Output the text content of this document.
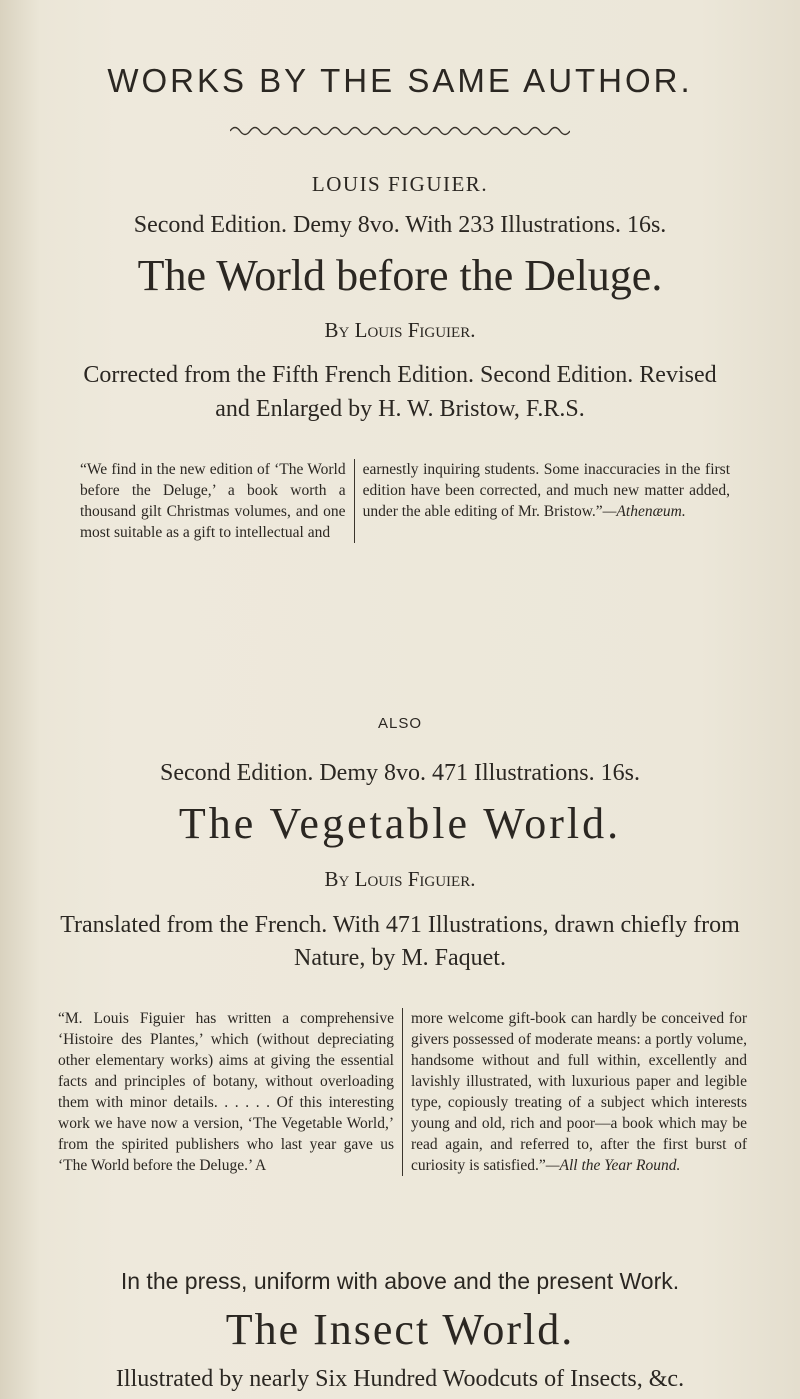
WORKS BY THE SAME AUTHOR.
LOUIS FIGUIER.
Second Edition. Demy 8vo. With 233 Illustrations. 16s.
The World before the Deluge.
By Louis Figuier.
Corrected from the Fifth French Edition. Second Edition. Revised
and Enlarged by H. W. Bristow, F.R.S.

“We find in the new edition of ‘The World before the Deluge,’ a book worth a thousand gilt Christmas volumes, and one most suitable as a gift to intellectual and

earnestly inquiring students. Some inaccuracies in the first edition have been corrected, and much new matter added, under the able editing of Mr. Bristow.”—Athenæum.

ALSO
Second Edition. Demy 8vo. 471 Illustrations. 16s.
The Vegetable World.
By Louis Figuier.
Translated from the French. With 471 Illustrations, drawn chiefly from
Nature, by M. Faquet.

“M. Louis Figuier has written a comprehensive ‘Histoire des Plantes,’ which (without depreciating other elementary works) aims at giving the essential facts and principles of botany, without overloading them with minor details. . . . . . Of this interesting work we have now a version, ‘The Vegetable World,’ from the spirited publishers who last year gave us ‘The World before the Deluge.’ A

more welcome gift-book can hardly be conceived for givers possessed of moderate means: a portly volume, handsome without and full within, excellently and lavishly illustrated, with luxurious paper and legible type, copiously treating of a subject which interests young and old, rich and poor—a book which may be read again, and referred to, after the first burst of curiosity is satisfied.”—All the Year Round.

In the press, uniform with above and the present Work.
The Insect World.
Illustrated by nearly Six Hundred Woodcuts of Insects, &c.
